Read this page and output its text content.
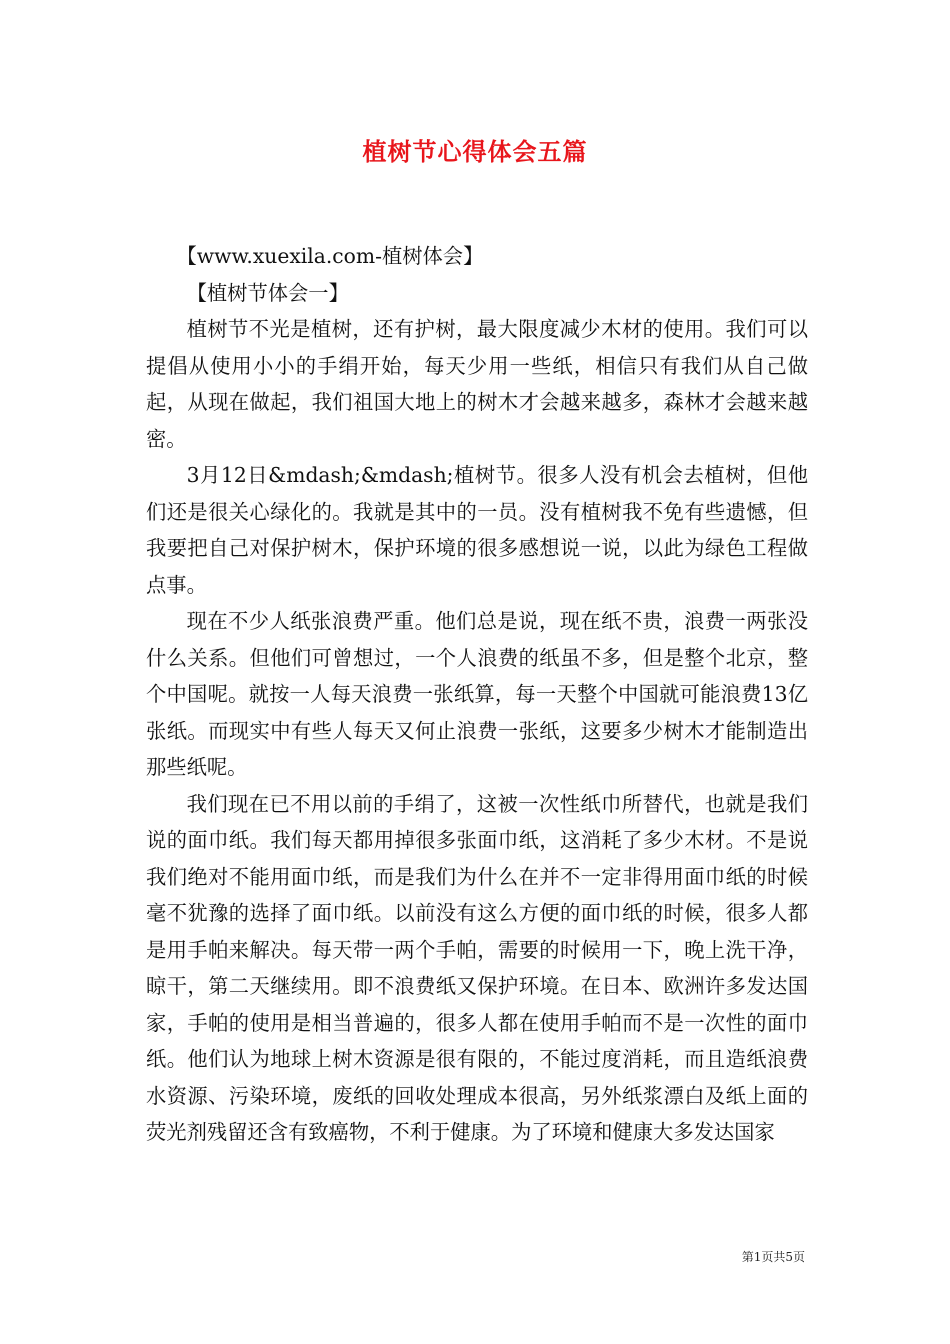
植树节心得体会五篇

【www.xuexila.com-植树体会】

【植树节体会一】

植树节不光是植树，还有护树，最大限度减少木材的使用。我们可以提倡从使用小小的手绢开始，每天少用一些纸，相信只有我们从自己做起，从现在做起，我们祖国大地上的树木才会越来越多，森林才会越来越密。

3月12日&mdash;&mdash;植树节。很多人没有机会去植树，但他们还是很关心绿化的。我就是其中的一员。没有植树我不免有些遗憾，但我要把自己对保护树木，保护环境的很多感想说一说，以此为绿色工程做点事。

现在不少人纸张浪费严重。他们总是说，现在纸不贵，浪费一两张没什么关系。但他们可曾想过，一个人浪费的纸虽不多，但是整个北京，整个中国呢。就按一人每天浪费一张纸算，每一天整个中国就可能浪费13亿张纸。而现实中有些人每天又何止浪费一张纸，这要多少树木才能制造出那些纸呢。

我们现在已不用以前的手绢了，这被一次性纸巾所替代，也就是我们说的面巾纸。我们每天都用掉很多张面巾纸，这消耗了多少木材。不是说我们绝对不能用面巾纸，而是我们为什么在并不一定非得用面巾纸的时候毫不犹豫的选择了面巾纸。以前没有这么方便的面巾纸的时候，很多人都是用手帕来解决。每天带一两个手帕，需要的时候用一下，晚上洗干净，晾干，第二天继续用。即不浪费纸又保护环境。在日本、欧洲许多发达国家，手帕的使用是相当普遍的，很多人都在使用手帕而不是一次性的面巾纸。他们认为地球上树木资源是很有限的，不能过度消耗，而且造纸浪费水资源、污染环境，废纸的回收处理成本很高，另外纸浆漂白及纸上面的荧光剂残留还含有致癌物，不利于健康。为了环境和健康大多发达国家

第1页共5页
